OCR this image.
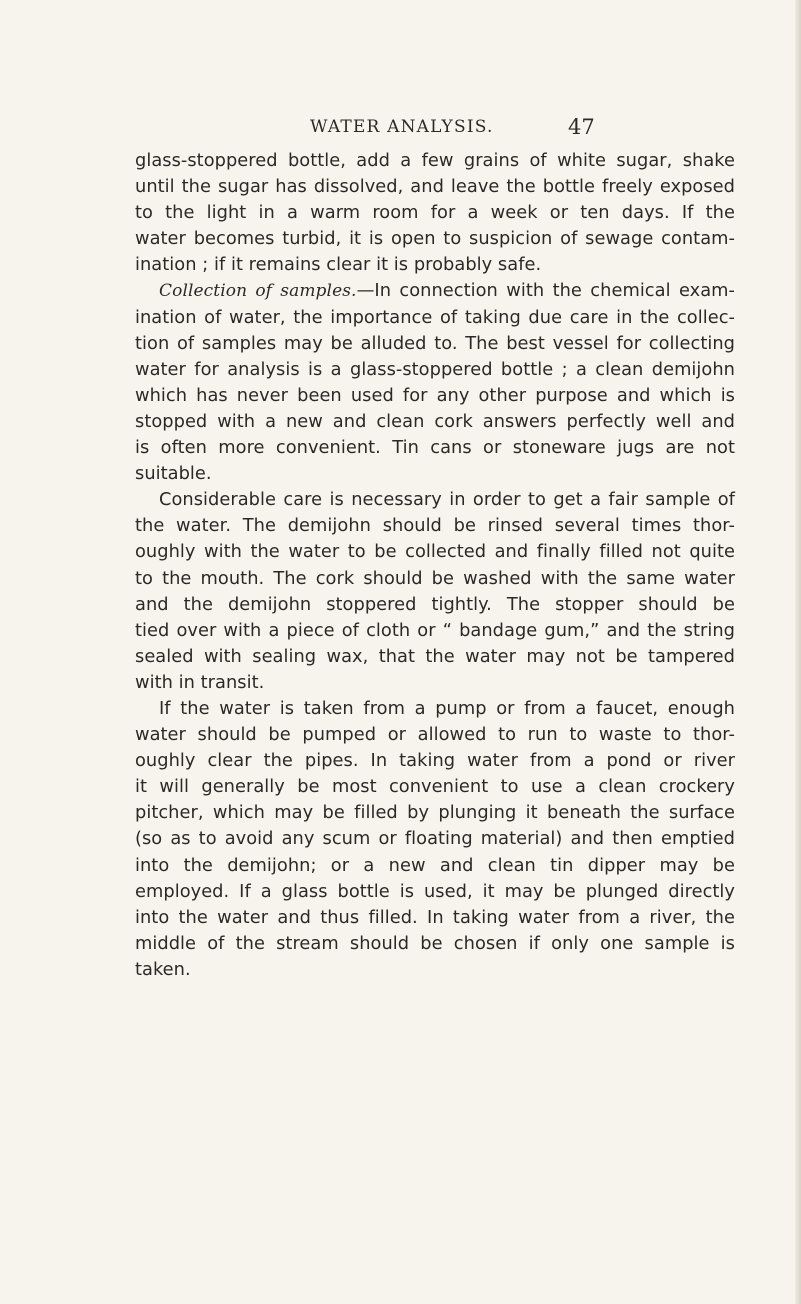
WATER ANALYSIS.	47
glass-stoppered bottle, add a few grains of white sugar, shake
until the sugar has dissolved, and leave the bottle freely exposed
to the light in a warm room for a week or ten days. If the
water becomes turbid, it is open to suspicion of sewage contam-
ination ; if it remains clear it is probably safe.
Collection of samples.—In connection with the chemical exam-
ination of water, the importance of taking due care in the collec-
tion of samples may be alluded to. The best vessel for collecting
water for analysis is a glass-stoppered bottle ; a clean demijohn
which has never been used for any other purpose and which is
stopped with a new and clean cork answers perfectly well and
is often more convenient. Tin cans or stoneware jugs are not
suitable.
Considerable care is necessary in order to get a fair sample of
the water. The demijohn should be rinsed several times thor-
oughly with the water to be collected and finally filled not quite
to the mouth. The cork should be washed with the same water
and the demijohn stoppered tightly. The stopper should be
tied over with a piece of cloth or “ bandage gum,” and the string
sealed with sealing wax, that the water may not be tampered
with in transit.
If the water is taken from a pump or from a faucet, enough
water should be pumped or allowed to run to waste to thor-
oughly clear the pipes. In taking water from a pond or river
it will generally be most convenient to use a clean crockery
pitcher, which may be filled by plunging it beneath the surface
(so as to avoid any scum or floating material) and then emptied
into the demijohn; or a new and clean tin dipper may be
employed. If a glass bottle is used, it may be plunged directly
into the water and thus filled. In taking water from a river, the
middle of the stream should be chosen if only one sample is
taken.
